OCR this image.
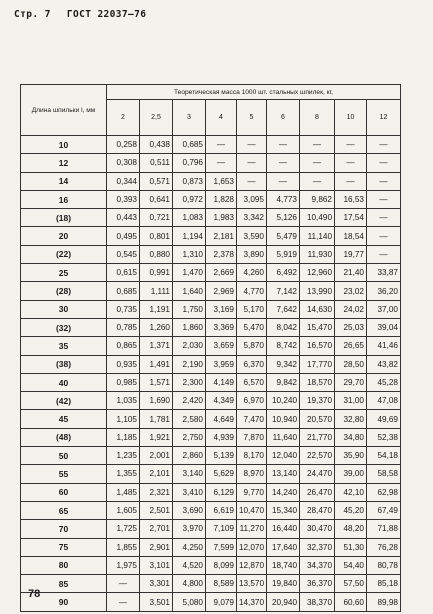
Стр. 7 ГОСТ 22037—76
Длина шпильки l, мм	Теоретическая масса 1000 шт. стальных шпилек, кг,								
	2	2,5	3	4	5	6	8	10	12
10	0,258	0,438	0,685	—	—	—	—	—	—
12	0,308	0,511	0,796	—	—	—	—	—	—
14	0,344	0,571	0,873	1,653	—	—	—	—	—
16	0,393	0,641	0,972	1,828	3,095	4,773	9,862	16,53	—
(18)	0,443	0,721	1,083	1,983	3,342	5,126	10,490	17,54	—
20	0,495	0,801	1,194	2,181	3,590	5,479	11,140	18,54	—
(22)	0,545	0,880	1,310	2,378	3,890	5,919	11,930	19,77	—
25	0,615	0,991	1,470	2,669	4,260	6,492	12,960	21,40	33,87
(28)	0,685	1,111	1,640	2,969	4,770	7,142	13,990	23,02	36,20
30	0,735	1,191	1,750	3,169	5,170	7,642	14,630	24,02	37,00
(32)	0,785	1,260	1,860	3,369	5,470	8,042	15,470	25,03	39,04
35	0,865	1,371	2,030	3,659	5,870	8,742	16,570	26,65	41,46
(38)	0,935	1,491	2,190	3,959	6,370	9,342	17,770	28,50	43,82
40	0,985	1,571	2,300	4,149	6,570	9,842	18,570	29,70	45,28
(42)	1,035	1,690	2,420	4,349	6,970	10,240	19,370	31,00	47,08
45	1,105	1,781	2,580	4,649	7,470	10,940	20,570	32,80	49,69
(48)	1,185	1,921	2,750	4,939	7,870	11,640	21,770	34,80	52,38
50	1,235	2,001	2,860	5,139	8,170	12,040	22,570	35,90	54,18
55	1,355	2,101	3,140	5,629	8,970	13,140	24,470	39,00	58,58
60	1,485	2,321	3,410	6,129	9,770	14,240	26,470	42,10	62,98
65	1,605	2,501	3,690	6,619	10,470	15,340	28,470	45,20	67,49
70	1,725	2,701	3,970	7,109	11,270	16,440	30,470	48,20	71,88
75	1,855	2,901	4,250	7,599	12,070	17,640	32,370	51,30	76,28
80	1,975	3,101	4,520	8,099	12,870	18,740	34,370	54,40	80,78
85	—	3,301	4,800	8,589	13,570	19,840	36,370	57,50	85,18
90	—	3,501	5,080	9,079	14,370	20,940	38,370	60,60	89,98
78
